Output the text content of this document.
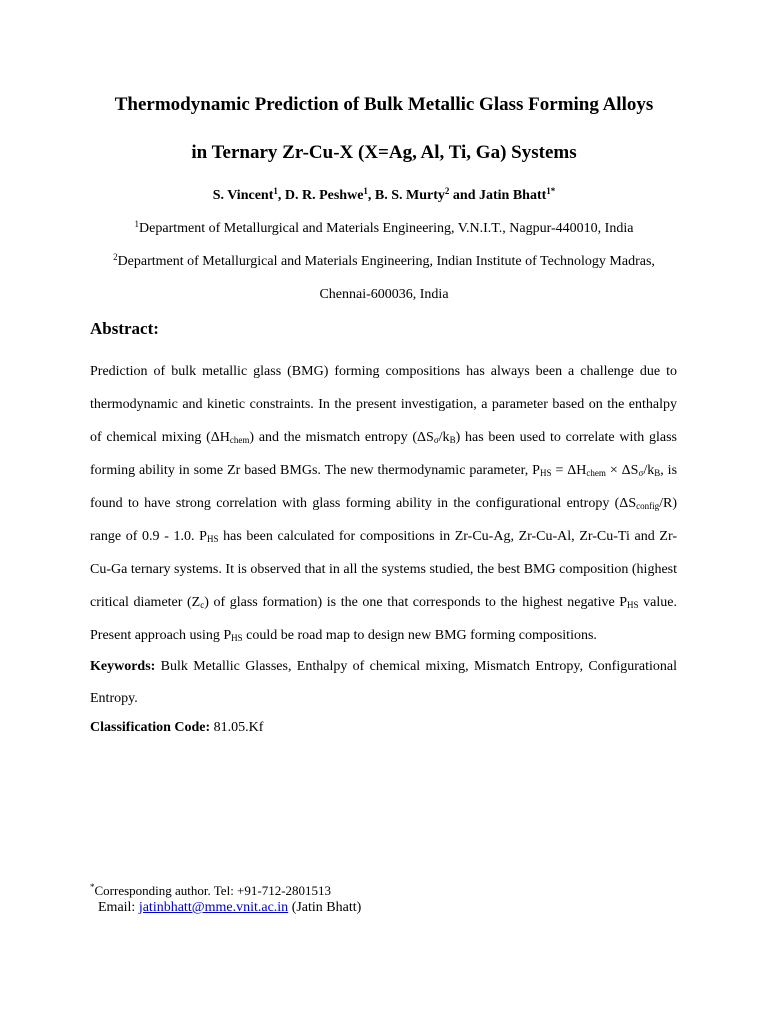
Thermodynamic Prediction of Bulk Metallic Glass Forming Alloys
in Ternary Zr-Cu-X (X=Ag, Al, Ti, Ga) Systems
S. Vincent$^1$, D. R. Peshwe$^1$, B. S. Murty$^2$ and Jatin Bhatt$^{1*}$
$^1$Department of Metallurgical and Materials Engineering, V.N.I.T., Nagpur-440010, India
$^2$Department of Metallurgical and Materials Engineering, Indian Institute of Technology Madras,
Chennai-600036, India
Abstract:

Prediction of bulk metallic glass (BMG) forming compositions has always been a challenge due to thermodynamic and kinetic constraints. In the present investigation, a parameter based on the enthalpy of chemical mixing $(\Delta H_{chem})$ and the mismatch entropy $(\Delta S_\sigma/k_B)$ has been used to correlate with glass forming ability in some Zr based BMGs. The new thermodynamic parameter, $P_{HS} = \Delta H_{chem} \times \Delta S_\sigma/k_B$, is found to have strong correlation with glass forming ability in the configurational entropy $(\Delta S_{config}/R)$ range of 0.9 - 1.0. $P_{HS}$ has been calculated for compositions in Zr-Cu-Ag, Zr-Cu-Al, Zr-Cu-Ti and Zr-Cu-Ga ternary systems. It is observed that in all the systems studied, the best BMG composition (highest critical diameter $(Z_c)$ of glass formation) is the one that corresponds to the highest negative $P_{HS}$ value. Present approach using $P_{HS}$ could be road map to design new BMG forming compositions.

Keywords: Bulk Metallic Glasses, Enthalpy of chemical mixing, Mismatch Entropy, Configurational Entropy.

Classification Code: 81.05.Kf
*Corresponding author. Tel: +91-712-2801513
Email: jatinbhatt@mme.vnit.ac.in (Jatin Bhatt)
